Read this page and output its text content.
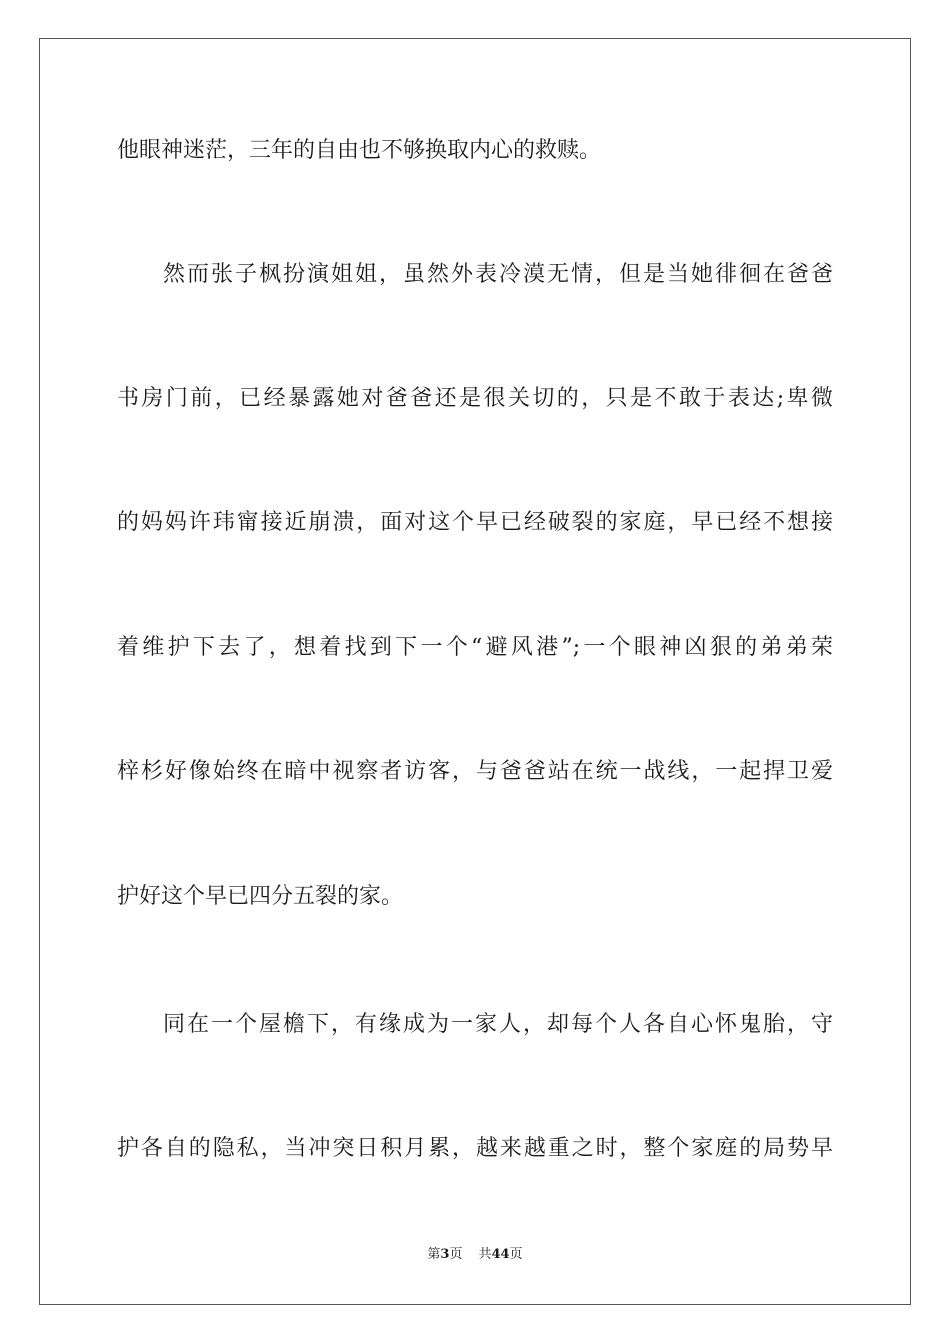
他眼神迷茫，三年的自由也不够换取内心的救赎。
然而张子枫扮演姐姐，虽然外表冷漠无情，但是当她徘徊在爸爸
书房门前，已经暴露她对爸爸还是很关切的，只是不敢于表达;卑微
的妈妈许玮甯接近崩溃，面对这个早已经破裂的家庭，早已经不想接
着维护下去了，想着找到下一个“避风港”;一个眼神凶狠的弟弟荣
梓杉好像始终在暗中视察者访客，与爸爸站在统一战线，一起捍卫爱
护好这个早已四分五裂的家。
同在一个屋檐下，有缘成为一家人，却每个人各自心怀鬼胎，守
护各自的隐私，当冲突日积月累，越来越重之时，整个家庭的局势早
第3页 共44页
